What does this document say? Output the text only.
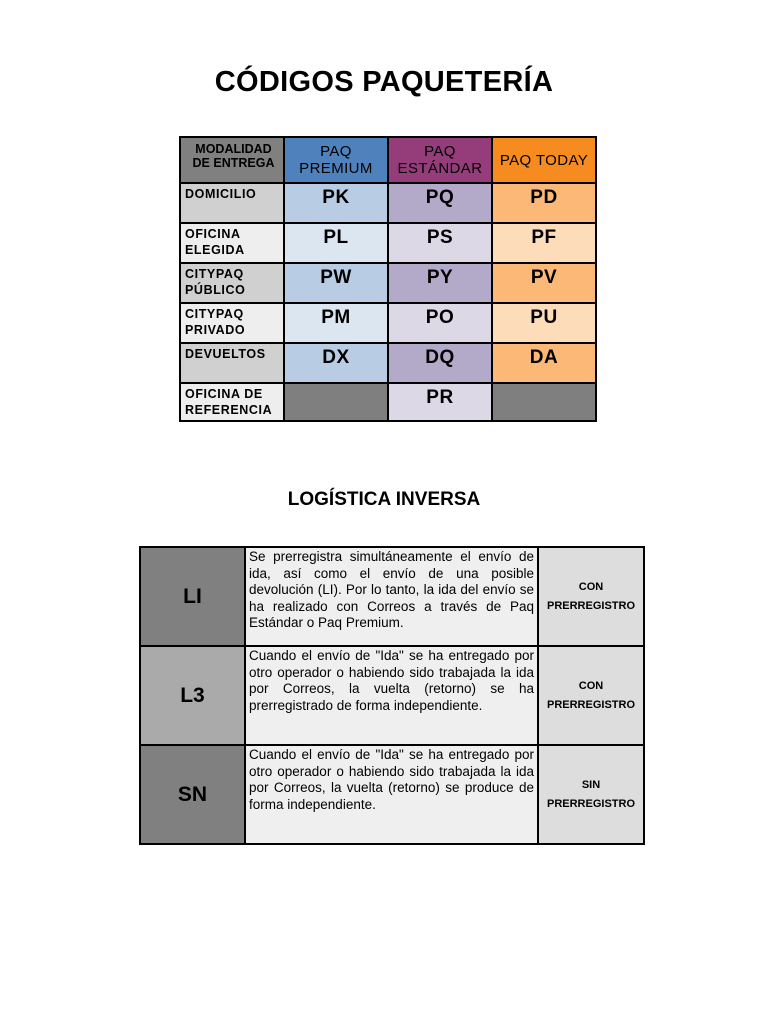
CÓDIGOS PAQUETERÍA
MODALIDAD DE ENTREGA	PAQ PREMIUM	PAQ ESTÁNDAR	PAQ TODAY
DOMICILIO	PK	PQ	PD
OFICINA ELEGIDA	PL	PS	PF
CITYPAQ PÚBLICO	PW	PY	PV
CITYPAQ PRIVADO	PM	PO	PU
DEVUELTOS	DX	DQ	DA
OFICINA DE REFERENCIA		PR	
LOGÍSTICA INVERSA
LI	Se prerregistra simultáneamente el envío de ida, así como el envío de una posible devolución (LI). Por lo tanto, la ida del envío se ha realizado con Correos a través de Paq Estándar o Paq Premium.	CON PRERREGISTRO
L3	Cuando el envío de "Ida" se ha entregado por otro operador o habiendo sido trabajada la ida por Correos, la vuelta (retorno) se ha prerregistrado de forma independiente.	CON PRERREGISTRO
SN	Cuando el envío de "Ida" se ha entregado por otro operador o habiendo sido trabajada la ida por Correos, la vuelta (retorno) se produce de forma independiente.	SIN PRERREGISTRO
